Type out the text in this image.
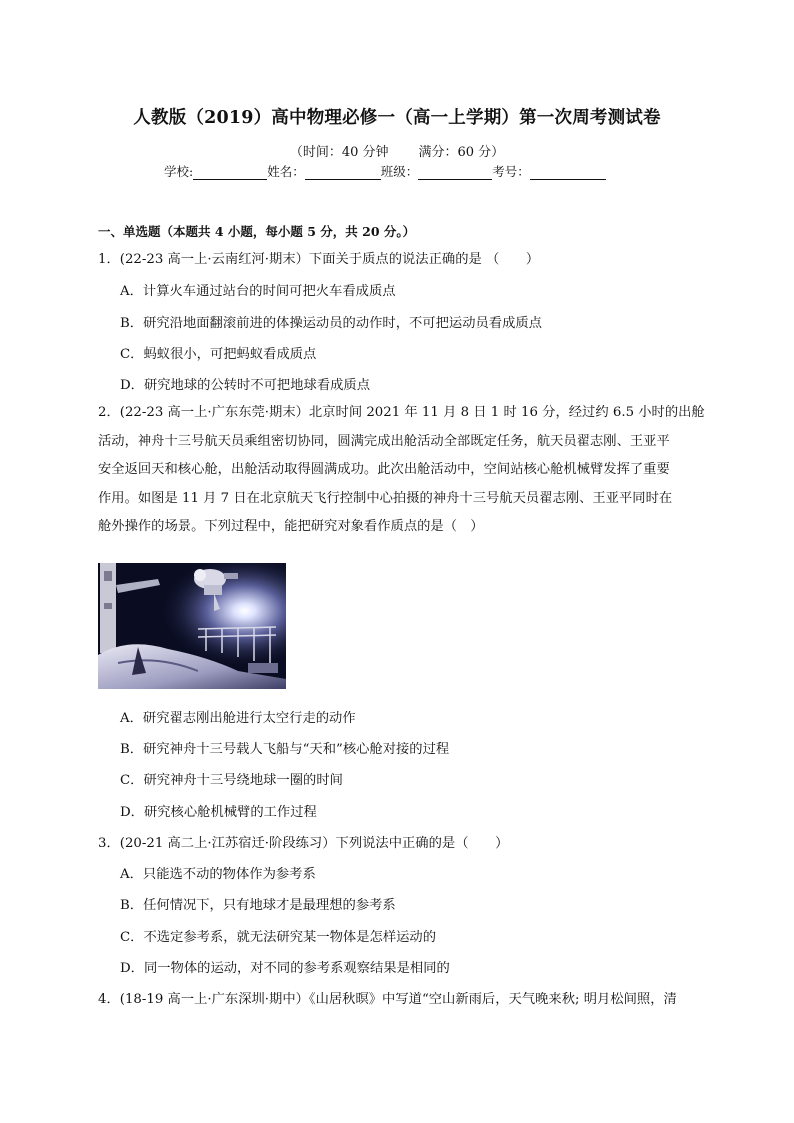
人教版（2019）高中物理必修一（高一上学期）第一次周考测试卷
（时间：40 分钟 满分：60 分）
学校:	姓名：	班级：	考号：
一、单选题（本题共 4 小题，每小题 5 分，共 20 分。）
1．(22-23 高一上·云南红河·期末）下面关于质点的说法正确的是 （　　）
A．计算火车通过站台的时间可把火车看成质点
B．研究沿地面翻滚前进的体操运动员的动作时，不可把运动员看成质点
C．蚂蚁很小，可把蚂蚁看成质点
D．研究地球的公转时不可把地球看成质点
2．(22-23 高一上·广东东莞·期末）北京时间 2021 年 11 月 8 日 1 时 16 分，经过约 6.5 小时的出舱
活动，神舟十三号航天员乘组密切协同，圆满完成出舱活动全部既定任务，航天员翟志刚、王亚平
安全返回天和核心舱，出舱活动取得圆满成功。此次出舱活动中，空间站核心舱机械臂发挥了重要
作用。如图是 11 月 7 日在北京航天飞行控制中心拍摄的神舟十三号航天员翟志刚、王亚平同时在
舱外操作的场景。下列过程中，能把研究对象看作质点的是（　）
A．研究翟志刚出舱进行太空行走的动作
B．研究神舟十三号载人飞船与“天和”核心舱对接的过程
C．研究神舟十三号绕地球一圈的时间
D．研究核心舱机械臂的工作过程
3．(20-21 高二上·江苏宿迁·阶段练习）下列说法中正确的是（　　）
A．只能选不动的物体作为参考系
B．任何情况下，只有地球才是最理想的参考系
C．不选定参考系，就无法研究某一物体是怎样运动的
D．同一物体的运动，对不同的参考系观察结果是相同的
4．(18-19 高一上·广东深圳·期中）《山居秋暝》中写道“空山新雨后，天气晚来秋; 明月松间照，清
